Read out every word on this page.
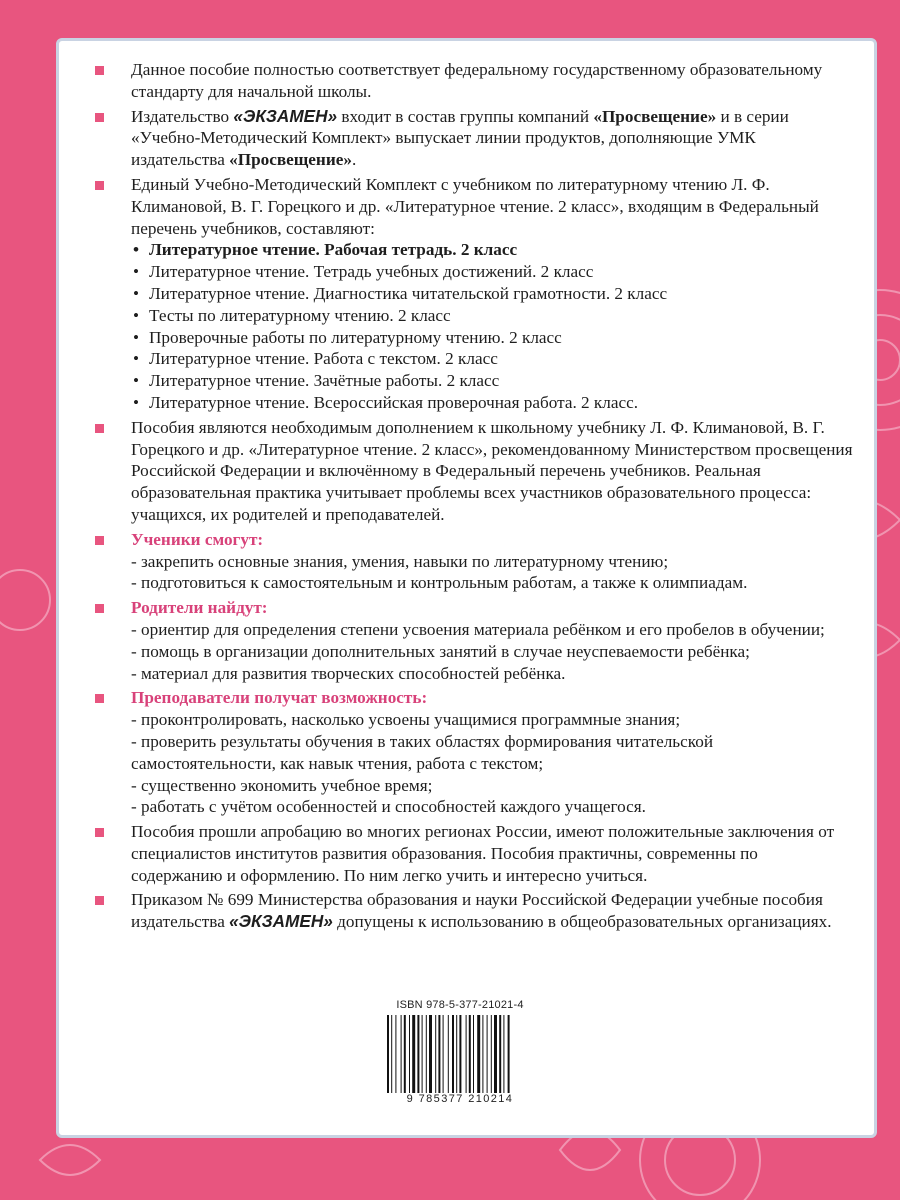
Данное пособие полностью соответствует федеральному государственному образовательному стандарту для начальной школы.
Издательство «ЭКЗАМЕН» входит в состав группы компаний «Просвещение» и в серии «Учебно-Методический Комплект» выпускает линии продуктов, дополняющие УМК издательства «Просвещение».
Единый Учебно-Методический Комплект с учебником по литературному чтению Л. Ф. Климановой, В. Г. Горецкого и др. «Литературное чтение. 2 класс», входящим в Федеральный перечень учебников, составляют:
• Литературное чтение. Рабочая тетрадь. 2 класс
• Литературное чтение. Тетрадь учебных достижений. 2 класс
• Литературное чтение. Диагностика читательской грамотности. 2 класс
• Тесты по литературному чтению. 2 класс
• Проверочные работы по литературному чтению. 2 класс
• Литературное чтение. Работа с текстом. 2 класс
• Литературное чтение. Зачётные работы. 2 класс
• Литературное чтение. Всероссийская проверочная работа. 2 класс.
Пособия являются необходимым дополнением к школьному учебнику Л. Ф. Климановой, В. Г. Горецкого и др. «Литературное чтение. 2 класс», рекомендованному Министерством просвещения Российской Федерации и включённому в Федеральный перечень учебников. Реальная образовательная практика учитывает проблемы всех участников образовательного процесса: учащихся, их родителей и преподавателей.
Ученики смогут:
- закрепить основные знания, умения, навыки по литературному чтению;
- подготовиться к самостоятельным и контрольным работам, а также к олимпиадам.
Родители найдут:
- ориентир для определения степени усвоения материала ребёнком и его пробелов в обучении;
- помощь в организации дополнительных занятий в случае неуспеваемости ребёнка;
- материал для развития творческих способностей ребёнка.
Преподаватели получат возможность:
- проконтролировать, насколько усвоены учащимися программные знания;
- проверить результаты обучения в таких областях формирования читательской самостоятельности, как навык чтения, работа с текстом;
- существенно экономить учебное время;
- работать с учётом особенностей и способностей каждого учащегося.
Пособия прошли апробацию во многих регионах России, имеют положительные заключения от специалистов институтов развития образования. Пособия практичны, современны по содержанию и оформлению. По ним легко учить и интересно учиться.
Приказом № 699 Министерства образования и науки Российской Федерации учебные пособия издательства «ЭКЗАМЕН» допущены к использованию в общеобразовательных организациях.
ISBN 978-5-377-21021-4
9 785377 210214
